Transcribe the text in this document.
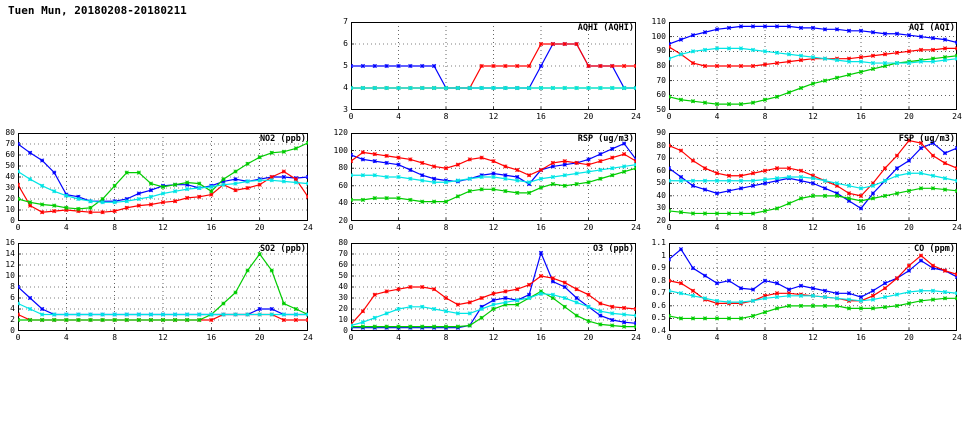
Tuen Mun, 20180208-20180211
NO2 (ppb)
0
10
20
30
40
50
60
70
80
0	4	8	12	16	20	24
SO2 (ppb)
0
2
4
6
8
10
12
14
16
0	4	8	12	16	20	24
AQHI (AQHI)
3
4
5
6
7
0	4	8	12	16	20	24
RSP (ug/m3)
20
40
60
80
100
120
0	4	8	12	16	20	24
O3 (ppb)
0
10
20
30
40
50
60
70
80
0	4	8	12	16	20	24
AQI (AQI)
50
60
70
80
90
100
110
0	4	8	12	16	20	24
FSP (ug/m3)
20
30
40
50
60
70
80
90
0	4	8	12	16	20	24
CO (ppm)
0.4
0.5
0.6
0.7
0.8
0.9
1
1.1
0	4	8	12	16	20	24
